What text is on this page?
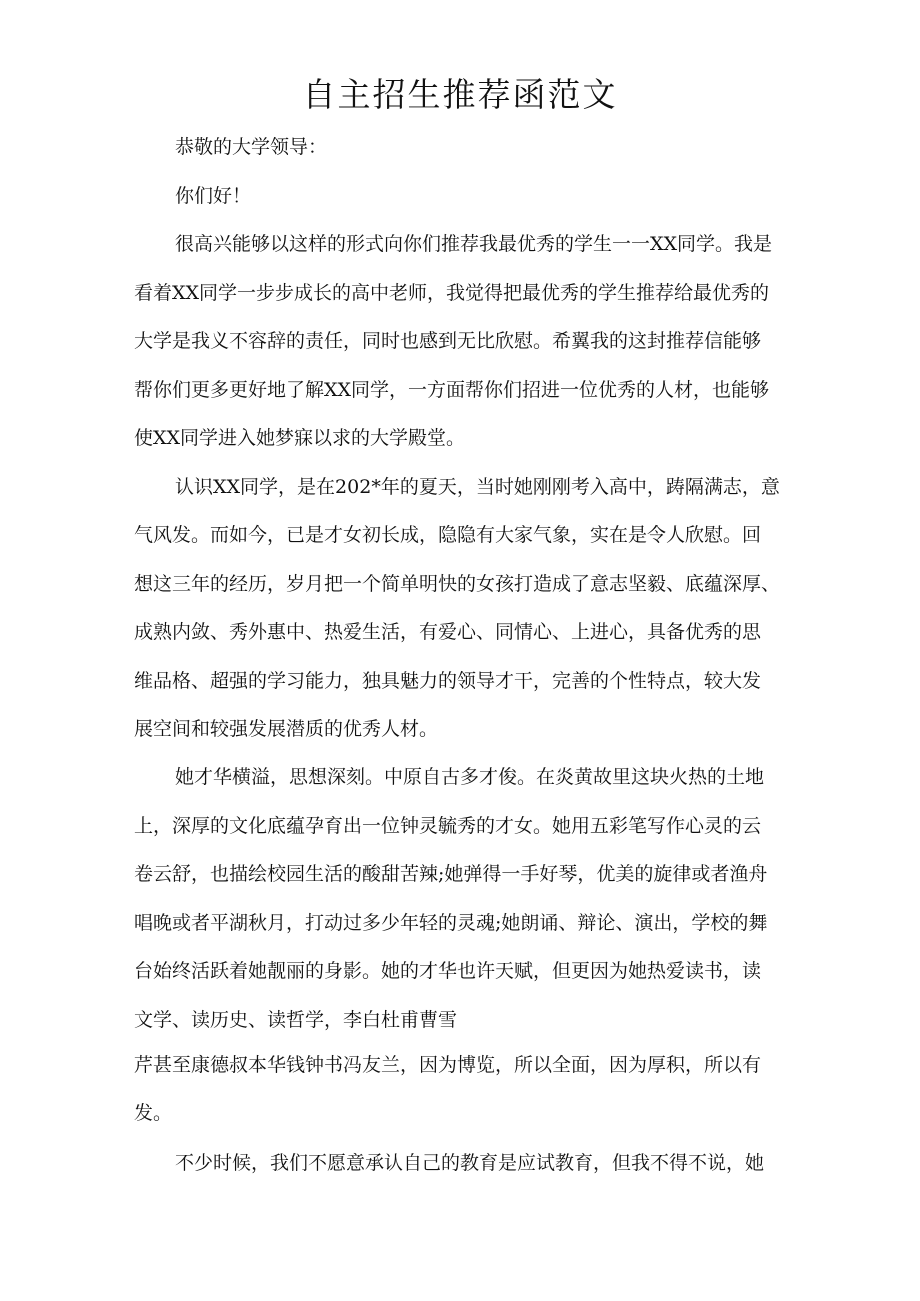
自主招生推荐函范文
恭敬的大学领导：
你们好！
很高兴能够以这样的形式向你们推荐我最优秀的学生一一XX同学。我是
看着XX同学一步步成长的高中老师，我觉得把最优秀的学生推荐给最优秀的
大学是我义不容辞的责任，同时也感到无比欣慰。希翼我的这封推荐信能够
帮你们更多更好地了解XX同学，一方面帮你们招进一位优秀的人材，也能够
使XX同学进入她梦寐以求的大学殿堂。
认识XX同学，是在202*年的夏天，当时她刚刚考入高中，踌隔满志，意
气风发。而如今，已是才女初长成，隐隐有大家气象，实在是令人欣慰。回
想这三年的经历，岁月把一个简单明快的女孩打造成了意志坚毅、底蕴深厚、
成熟内敛、秀外惠中、热爱生活，有爱心、同情心、上进心，具备优秀的思
维品格、超强的学习能力，独具魅力的领导才干，完善的个性特点，较大发
展空间和较强发展潜质的优秀人材。
她才华横溢，思想深刻。中原自古多才俊。在炎黄故里这块火热的土地
上，深厚的文化底蕴孕育出一位钟灵毓秀的才女。她用五彩笔写作心灵的云
卷云舒，也描绘校园生活的酸甜苦辣;她弹得一手好琴，优美的旋律或者渔舟
唱晚或者平湖秋月，打动过多少年轻的灵魂;她朗诵、辩论、演出，学校的舞
台始终活跃着她靓丽的身影。她的才华也许天赋，但更因为她热爱读书，读
文学、读历史、读哲学，李白杜甫曹雪
芹甚至康德叔本华钱钟书冯友兰，因为博览，所以全面，因为厚积，所以有
发。
不少时候，我们不愿意承认自己的教育是应试教育，但我不得不说，她
